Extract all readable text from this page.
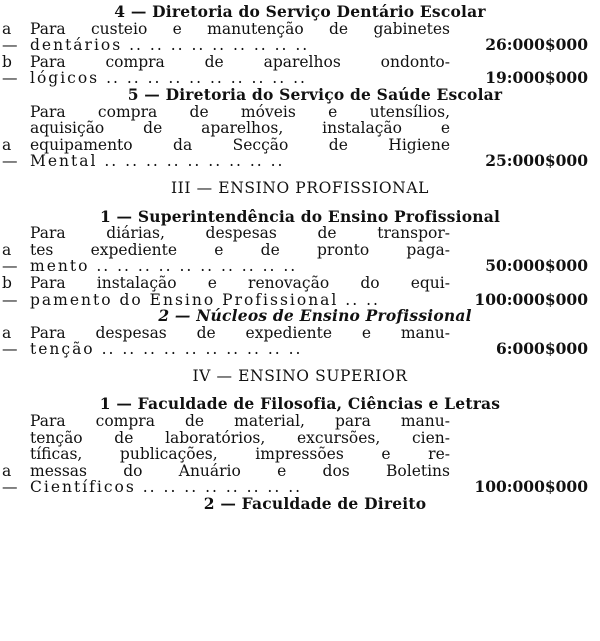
4 — Diretoria do Serviço Dentário Escolar
a —
Para custeio e manutenção de gabinetes
dentários .. .. .. .. .. .. .. .. ..	26:000$000
b —
Para compra de aparelhos ondonto-
lógicos .. .. .. .. .. .. .. .. .. ..	19:000$000
5 — Diretoria do Serviço de Saúde Escolar
a —
Para compra de móveis e utensílios,
aquisição de aparelhos, instalação e
equipamento da Secção de Higiene
Mental .. .. .. .. .. .. .. .. ..	25:000$000
III — ENSINO PROFISSIONAL
1 — Superintendência do Ensino Profissional
a —
Para diárias, despesas de transpor-
tes expediente e de pronto paga-
mento .. .. .. .. .. .. .. .. .. ..	50:000$000
b —
Para instalação e renovação do equi-
pamento do Ensino Profissional .. ..	100:000$000
2 — Núcleos de Ensino Profissional
a —
Para despesas de expediente e manu-
tenção .. .. .. .. .. .. .. .. .. ..	6:000$000
IV — ENSINO SUPERIOR
1 — Faculdade de Filosofia, Ciências e Letras
a —
Para compra de material, para manu-
tenção de laboratórios, excursões, cien-
tíficas, publicações, impressões e re-
messas do Anuário e dos Boletins
Científicos .. .. .. .. .. .. .. ..	100:000$000
2 — Faculdade de Direito
